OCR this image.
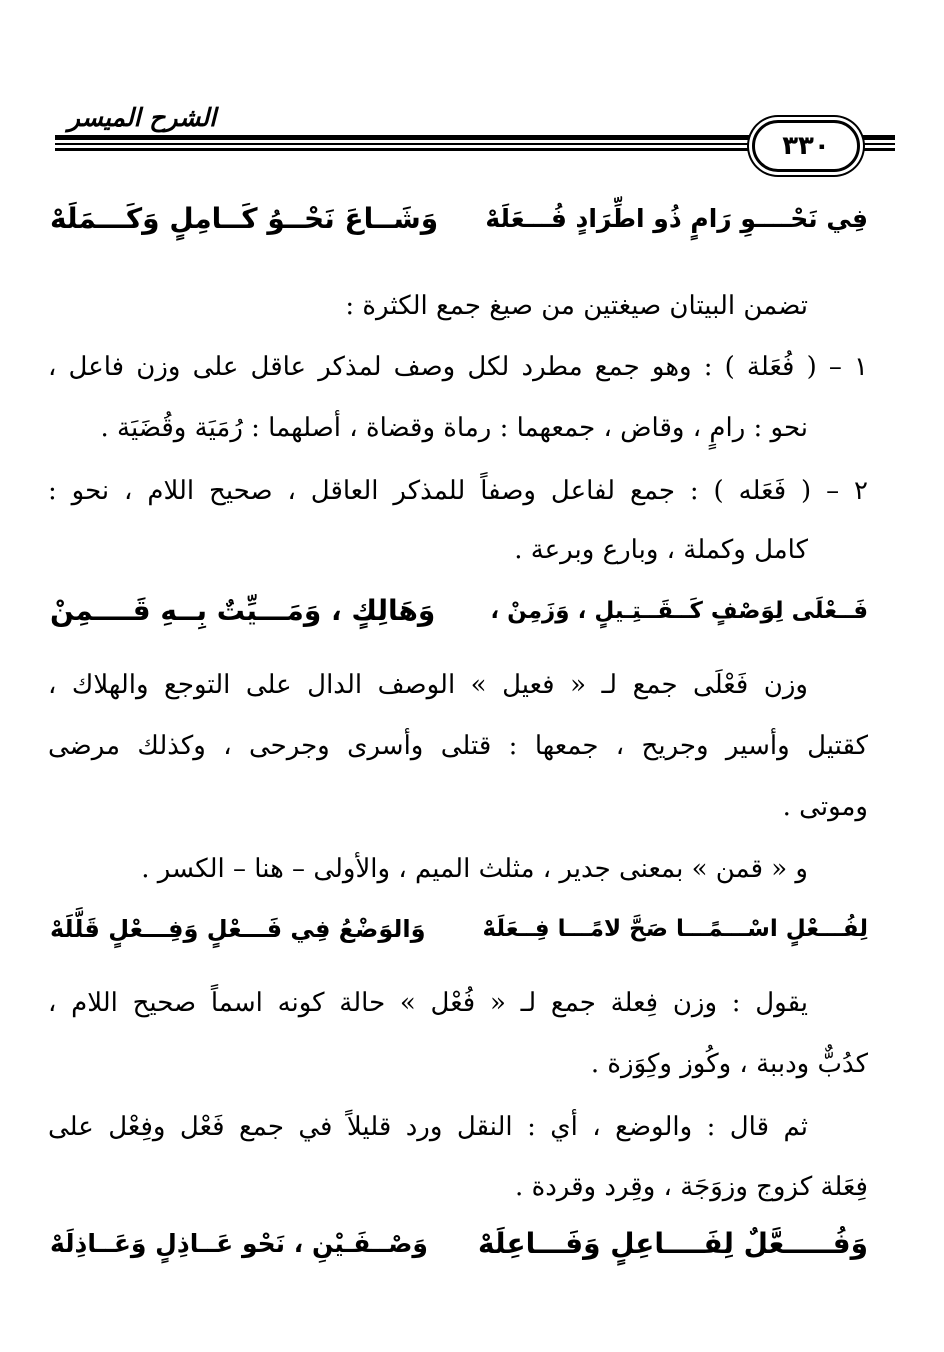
الشرح الميسر
٣٣٠
فِي نَحْــــوِ رَامٍ ذُو اطِّرَادٍ فُـــعَلَهْ
وَشَــاعَ نَحْــوُ كَــامِلٍ وَكَـــمَلَهْ
تضمن البيتان صيغتين من صيغ جمع الكثرة :
١ – ( فُعَلة ) : وهو جمع مطرد لكل وصف لمذكر عاقل على وزن فاعل ،
نحو : رامٍ ، وقاض ، جمعهما : رماة وقضاة ، أصلهما : رُمَيَة وقُضَيَة .
٢ – ( فَعَله ) : جمع لفاعل وصفاً للمذكر العاقل ، صحيح اللام ، نحو :
كامل وكملة ، وبارع وبرعة .
فَــعْلَى لِوَصْفٍ كَــقَــتِـيلٍ ، وَزَمِنْ ،
وَهَالِكٍ ، وَمَـــيِّتٌ بِــهِ قَــــمِنْ
وزن فَعْلَى جمع لـ « فعيل » الوصف الدال على التوجع والهلاك ،
كقتيل وأسير وجريح ، جمعها : قتلى وأسرى وجرحى ، وكذلك مرضى
وموتى .
و « قمن » بمعنى جدير ، مثلث الميم ، والأولى – هنا – الكسر .
لِفُـــعْلٍ اسْـــمًـــا صَحَّ لامًـــا فِــعَلَهْ
وَالوَضْعُ فِي فَـــعْلٍ وَفِـــعْلٍ قَلَّلَهْ
يقول : وزن فِعلة جمع لـ « فُعْل » حالة كونه اسماً صحيح اللام ،
كدُبٌّ ودببة ، وكُوز وكِوَزة .
ثم قال : والوضع ، أي : النقل ورد قليلاً في جمع فَعْل وفِعْل على
فِعَلة كزوج وزوَجَة ، وقِرد وقردة .
وَفُـــــعَّلٌ لِفَــــاعِلٍ وَفَـــاعِلَهْ
وَصْــفَـيْنِ ، نَحْو عَــاذِلٍ وَعَــاذِلَهْ
